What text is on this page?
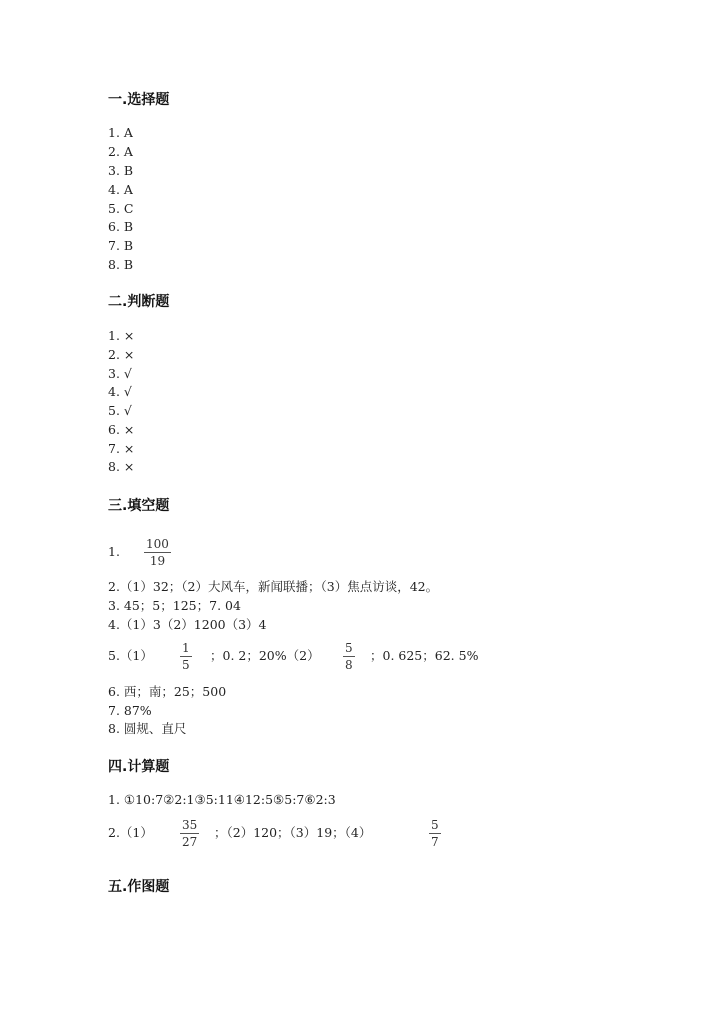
一.选择题
1. A
2. A
3. B
4. A
5. C
6. B
7. B
8. B
二.判断题
1. ×
2. ×
3. √
4. √
5. √
6. ×
7. ×
8. ×
三.填空题
1. 100
19
2.（1）32；（2）大风车，新闻联播；（3）焦点访谈，42。
3. 45；5；125；7. 04
4.（1）3（2）1200（3）4
5.（1） 1
5
；0. 2；20%（2） 5
8
；0. 625；62. 5%
6. 西；南；25；500
7. 87%
8. 圆规、直尺
四.计算题
1. ①10:7②2:1③5:11④12:5⑤5:7⑥2:3
2.（1） 35
27
；（2）120；（3）19；（4）	5
7
五.作图题
